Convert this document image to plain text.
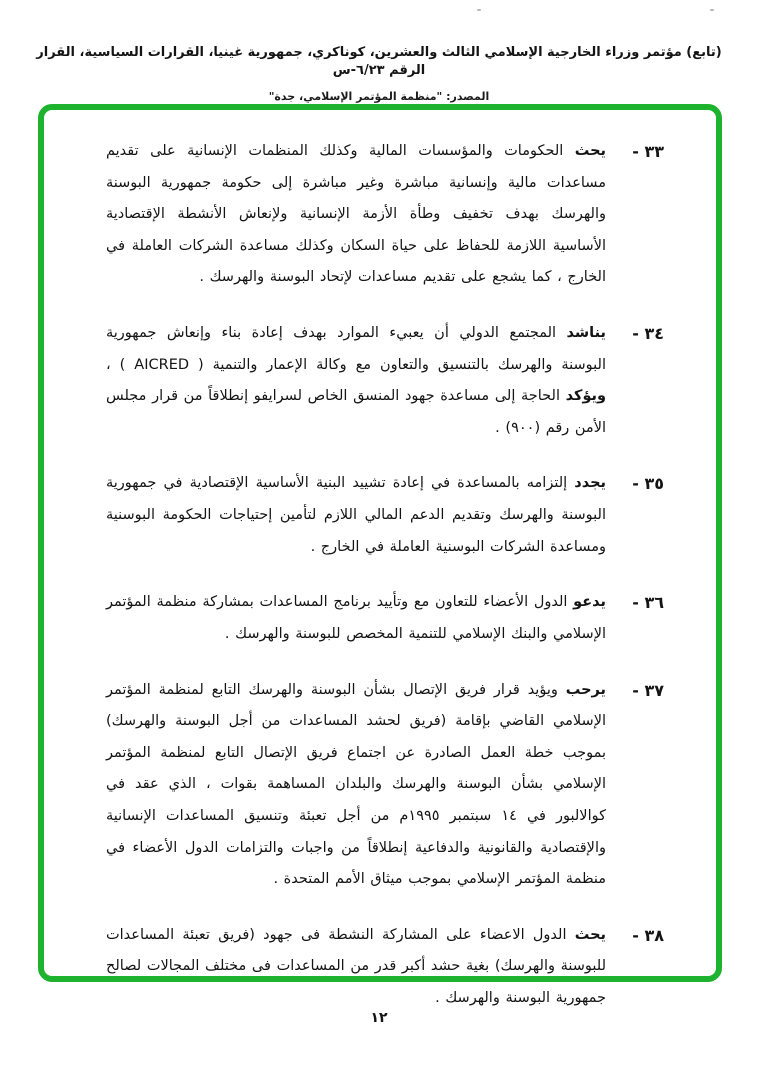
(تابع) مؤتمر وزراء الخارجية الإسلامي الثالث والعشرين، كوناكري، جمهورية غينيا، القرارات السياسية، القرار الرقم ٦/٢٣-س
المصدر: "منظمة المؤتمر الإسلامي، جدة"
٣٣ -

يحث الحكومات والمؤسسات المالية وكذلك المنظمات الإنسانية على تقديم مساعدات مالية وإنسانية مباشرة وغير مباشرة إلى حكومة جمهورية البوسنة والهرسك بهدف تخفيف وطأة الأزمة الإنسانية ولإنعاش الأنشطة الإقتصادية الأساسية اللازمة للحفاظ على حياة السكان وكذلك مساعدة الشركات العاملة في الخارج ، كما يشجع على تقديم مساعدات لإتحاد البوسنة والهرسك .

٣٤ -

يناشد المجتمع الدولي أن يعبيء الموارد بهدف إعادة بناء وإنعاش جمهورية البوسنة والهرسك بالتنسيق والتعاون مع وكالة الإعمار والتنمية ( AICRED ) ، ويؤكد الحاجة إلى مساعدة جهود المنسق الخاص لسرايفو إنطلاقاً من قرار مجلس الأمن رقم (٩٠٠) .

٣٥ -

يجدد إلتزامه بالمساعدة في إعادة تشييد البنية الأساسية الإقتصادية في جمهورية البوسنة والهرسك وتقديم الدعم المالي اللازم لتأمين إحتياجات الحكومة البوسنية ومساعدة الشركات البوسنية العاملة في الخارج .

٣٦ -

يدعو الدول الأعضاء للتعاون مع وتأييد برنامج المساعدات بمشاركة منظمة المؤتمر الإسلامي والبنك الإسلامي للتنمية المخصص للبوسنة والهرسك .

٣٧ -

يرحب ويؤيد قرار فريق الإتصال بشأن البوسنة والهرسك التابع لمنظمة المؤتمر الإسلامي القاضي بإقامة (فريق لحشد المساعدات من أجل البوسنة والهرسك) بموجب خطة العمل الصادرة عن اجتماع فريق الإتصال التابع لمنظمة المؤتمر الإسلامي بشأن البوسنة والهرسك والبلدان المساهمة بقوات ، الذي عقد في كوالالبور في ١٤ سبتمبر ١٩٩٥م من أجل تعبئة وتنسيق المساعدات الإنسانية والإقتصادية والقانونية والدفاعية إنطلاقاً من واجبات والتزامات الدول الأعضاء في منظمة المؤتمر الإسلامي بموجب ميثاق الأمم المتحدة .

٣٨ -

يحث الدول الاعضاء على المشاركة النشطة فى جهود (فريق تعبئة المساعدات للبوسنة والهرسك) بغية حشد أكبر قدر من المساعدات فى مختلف المجالات لصالح جمهورية البوسنة والهرسك .

١٢
